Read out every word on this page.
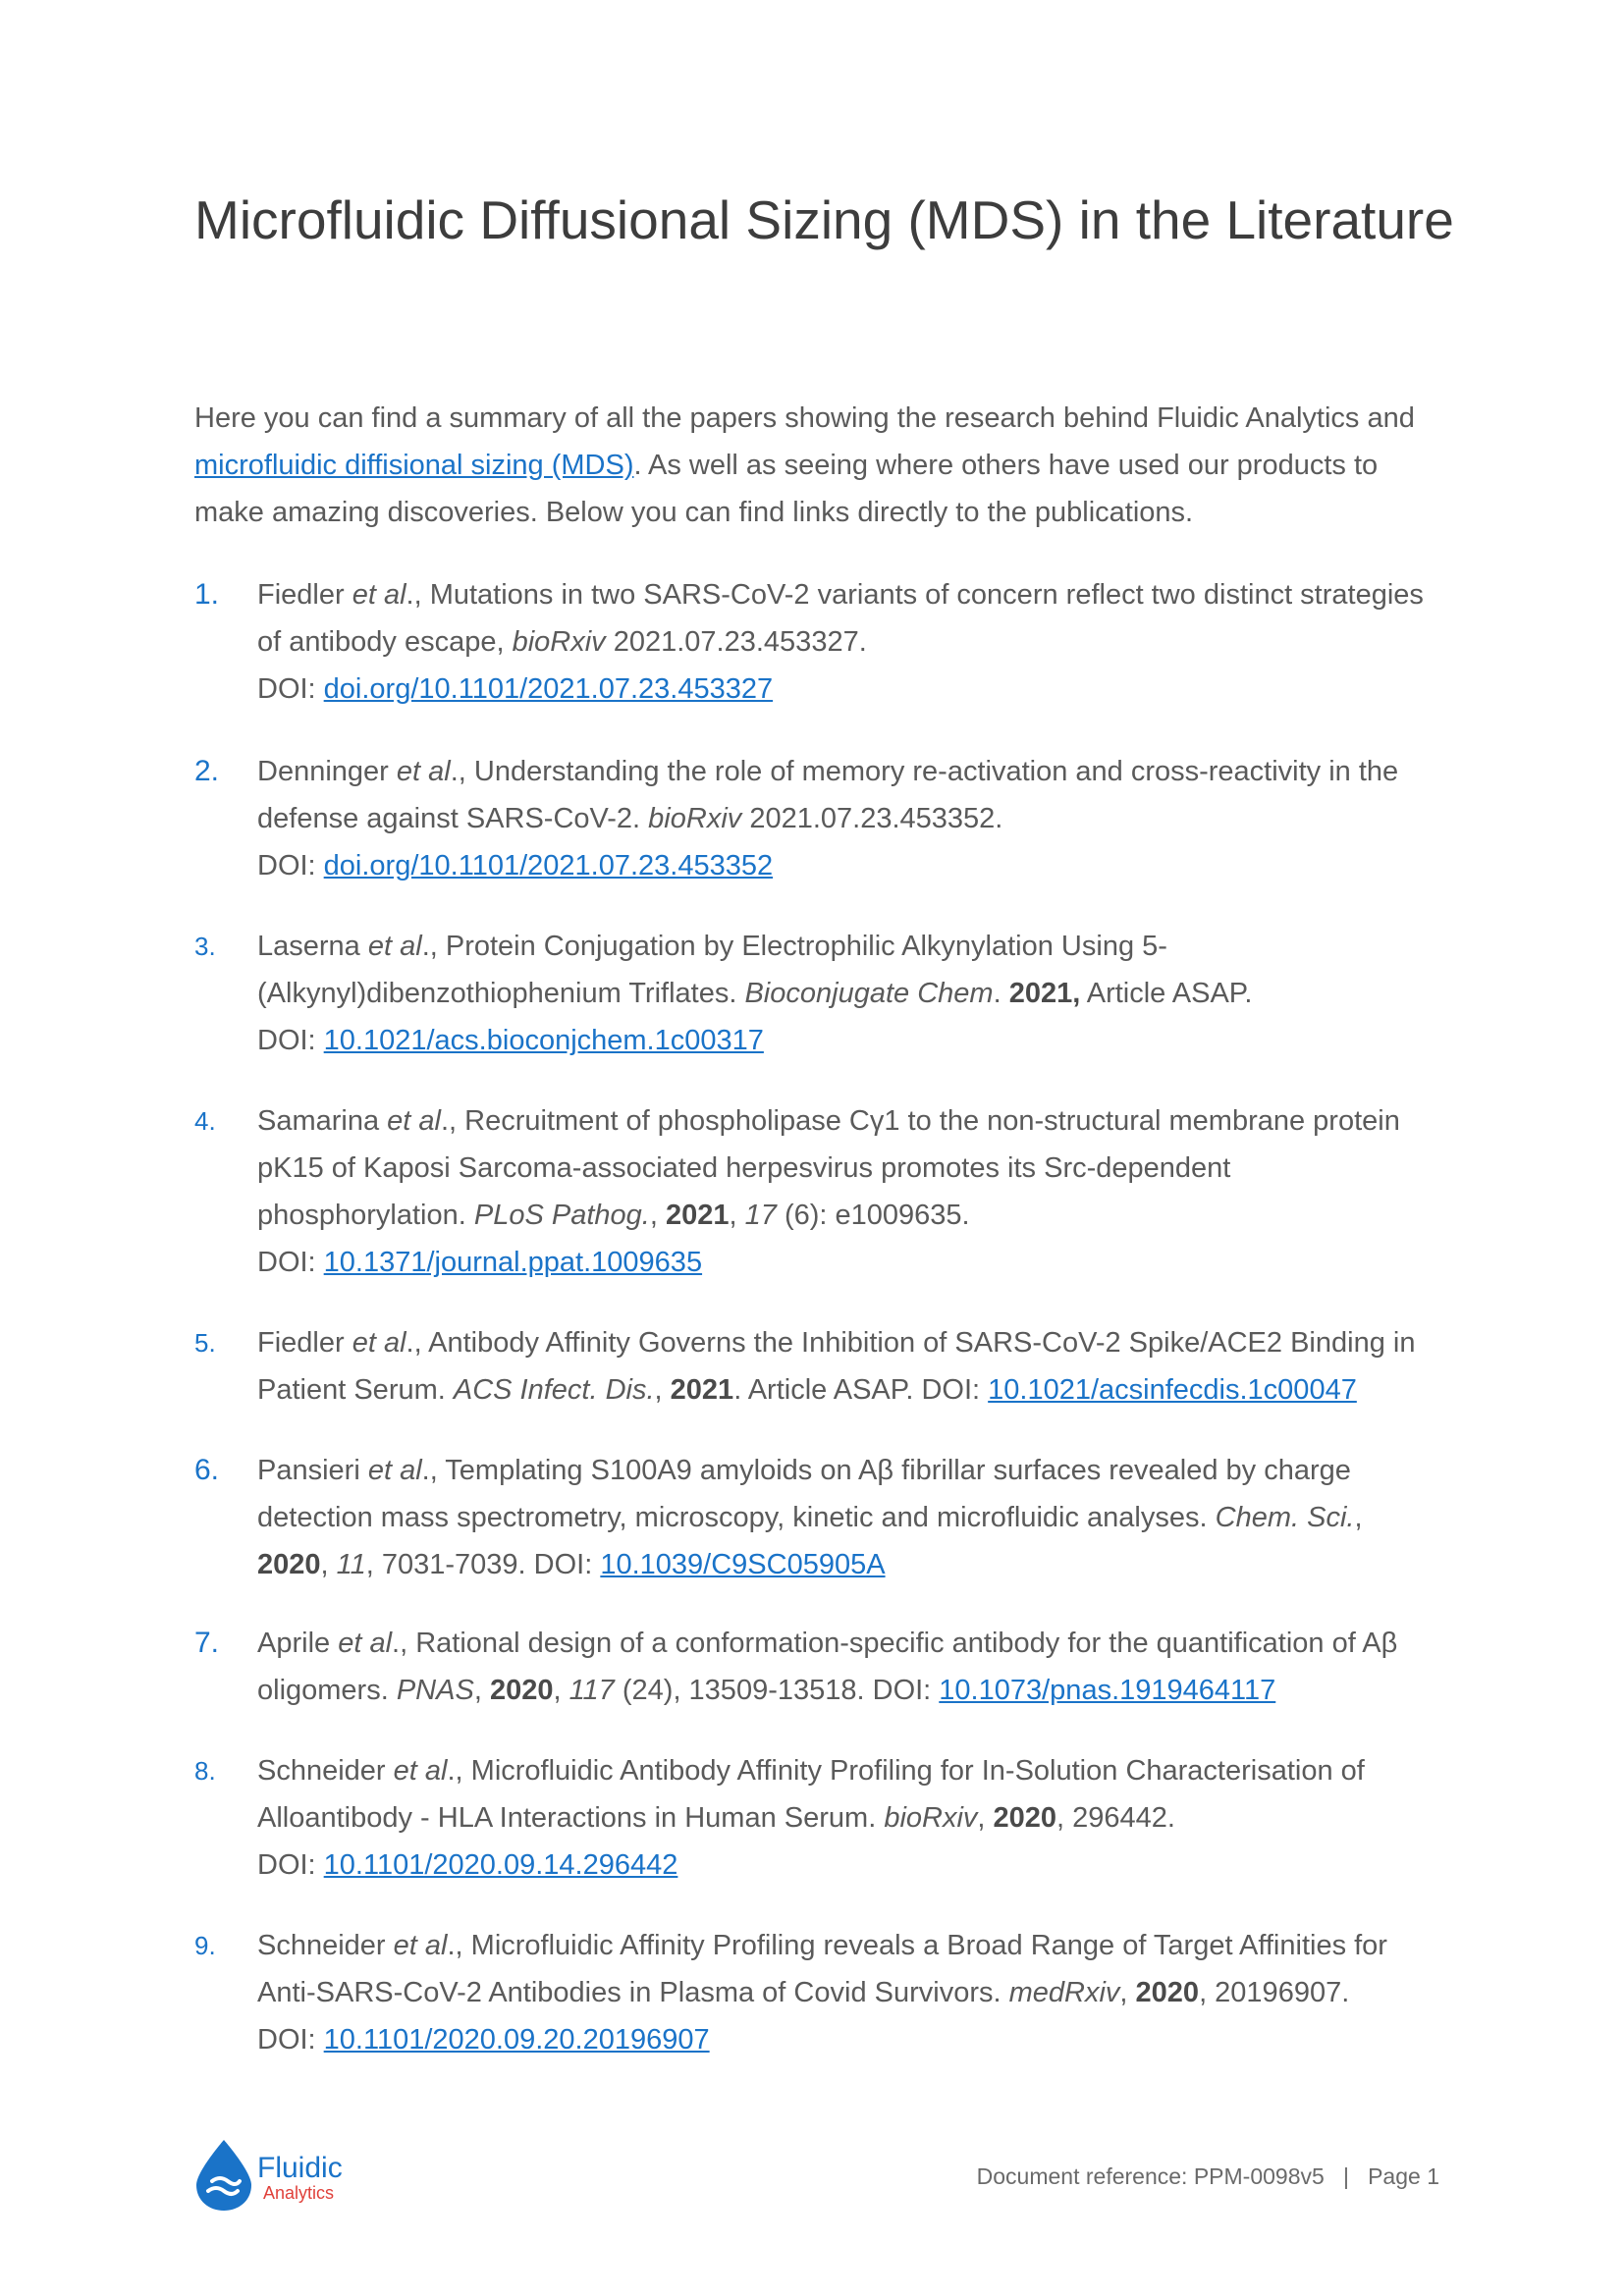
Microfluidic Diffusional Sizing (MDS) in the Literature

Here you can find a summary of all the papers showing the research behind Fluidic Analytics and microfluidic diffisional sizing (MDS). As well as seeing where others have used our products to make amazing discoveries. Below you can find links directly to the publications.

1.	Fiedler et al., Mutations in two SARS-CoV-2 variants of concern reflect two distinct strategies of antibody escape, bioRxiv 2021.07.23.453327.
DOI: doi.org/10.1101/2021.07.23.453327
2.	Denninger et al., Understanding the role of memory re-activation and cross-reactivity in the defense against SARS-CoV-2. bioRxiv 2021.07.23.453352.
DOI: doi.org/10.1101/2021.07.23.453352
3.	Laserna et al., Protein Conjugation by Electrophilic Alkynylation Using 5-(Alkynyl)dibenzothiophenium Triflates. Bioconjugate Chem. 2021, Article ASAP.
DOI: 10.1021/acs.bioconjchem.1c00317
4.	Samarina et al., Recruitment of phospholipase Cγ1 to the non-structural membrane protein pK15 of Kaposi Sarcoma-associated herpesvirus promotes its Src-dependent phosphorylation. PLoS Pathog., 2021, 17 (6): e1009635.
DOI: 10.1371/journal.ppat.1009635
5.	Fiedler et al., Antibody Affinity Governs the Inhibition of SARS-CoV-2 Spike/ACE2 Binding in Patient Serum. ACS Infect. Dis., 2021. Article ASAP. DOI: 10.1021/acsinfecdis.1c00047
6.	Pansieri et al., Templating S100A9 amyloids on Aβ fibrillar surfaces revealed by charge detection mass spectrometry, microscopy, kinetic and microfluidic analyses. Chem. Sci., 2020, 11, 7031-7039. DOI: 10.1039/C9SC05905A
7.	Aprile et al., Rational design of a conformation-specific antibody for the quantification of Aβ oligomers. PNAS, 2020, 117 (24), 13509-13518. DOI: 10.1073/pnas.1919464117
8.	Schneider et al., Microfluidic Antibody Affinity Profiling for In-Solution Characterisation of Alloantibody - HLA Interactions in Human Serum. bioRxiv, 2020, 296442.
DOI: 10.1101/2020.09.14.296442
9.	Schneider et al., Microfluidic Affinity Profiling reveals a Broad Range of Target Affinities for Anti-SARS-CoV-2 Antibodies in Plasma of Covid Survivors. medRxiv, 2020, 20196907.
DOI: 10.1101/2020.09.20.20196907
Fluidic
Analytics
Document reference: PPM-0098v5   |   Page 1
